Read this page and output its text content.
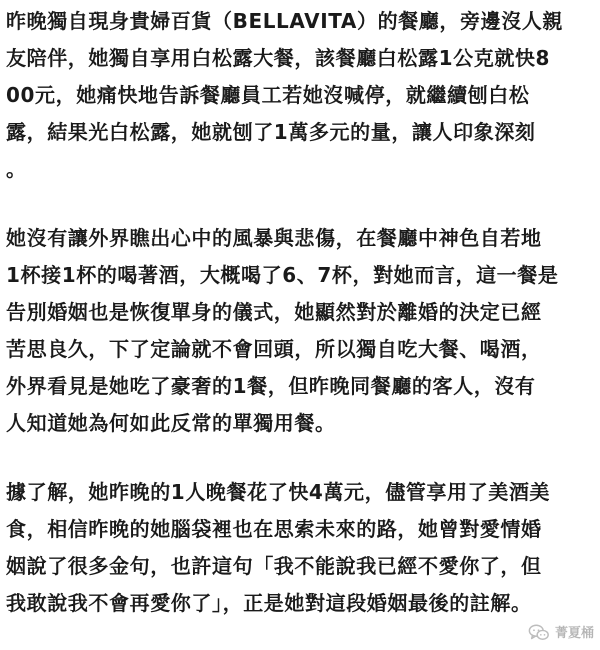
昨晚獨自現身貴婦百貨（BELLAVITA）的餐廳，旁邊沒人親
友陪伴，她獨自享用白松露大餐，該餐廳白松露1公克就快8
00元，她痛快地告訴餐廳員工若她沒喊停，就繼續刨白松
露，結果光白松露，她就刨了1萬多元的量，讓人印象深刻
。
她沒有讓外界瞧出心中的風暴與悲傷，在餐廳中神色自若地
1杯接1杯的喝著酒，大概喝了6、7杯，對她而言，這一餐是
告別婚姻也是恢復單身的儀式，她顯然對於離婚的決定已經
苦思良久，下了定論就不會回頭，所以獨自吃大餐、喝酒，
外界看見是她吃了豪奢的1餐，但昨晚同餐廳的客人，沒有
人知道她為何如此反常的單獨用餐。
據了解，她昨晚的1人晚餐花了快4萬元，儘管享用了美酒美
食，相信昨晚的她腦袋裡也在思索未來的路，她曾對愛情婚
姻說了很多金句，也許這句「我不能說我已經不愛你了，但
我敢說我不會再愛你了」，正是她對這段婚姻最後的註解。
菁夏桶
